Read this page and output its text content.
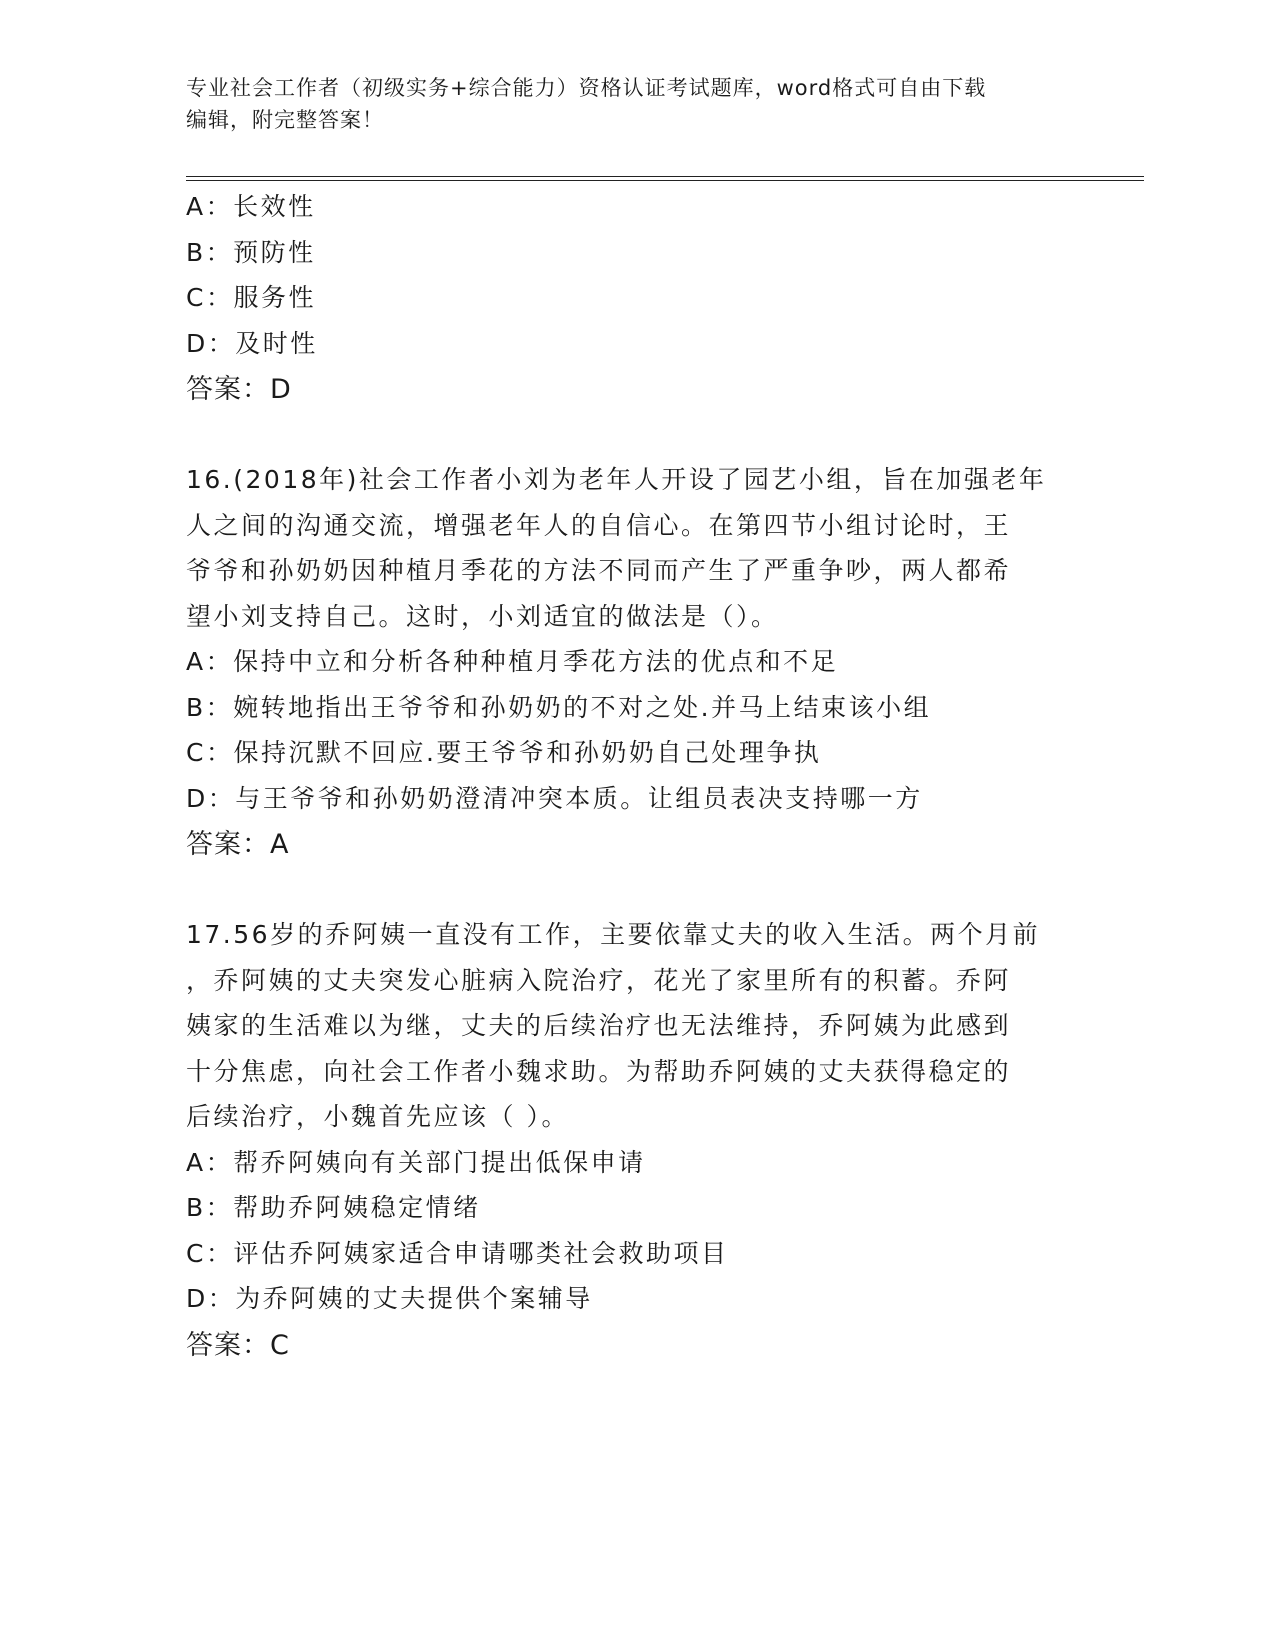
专业社会工作者（初级实务+综合能力）资格认证考试题库，word格式可自由下载
编辑，附完整答案！
A：长效性
B：预防性
C：服务性
D：及时性
答案：D
16.(2018年)社会工作者小刘为老年人开设了园艺小组，旨在加强老年
人之间的沟通交流，增强老年人的自信心。在第四节小组讨论时，王
爷爷和孙奶奶因种植月季花的方法不同而产生了严重争吵，两人都希
望小刘支持自己。这时，小刘适宜的做法是（）。
A：保持中立和分析各种种植月季花方法的优点和不足
B：婉转地指出王爷爷和孙奶奶的不对之处.并马上结束该小组
C：保持沉默不回应.要王爷爷和孙奶奶自己处理争执
D：与王爷爷和孙奶奶澄清冲突本质。让组员表决支持哪一方
答案：A
17.56岁的乔阿姨一直没有工作，主要依靠丈夫的收入生活。两个月前
，乔阿姨的丈夫突发心脏病入院治疗，花光了家里所有的积蓄。乔阿
姨家的生活难以为继，丈夫的后续治疗也无法维持，乔阿姨为此感到
十分焦虑，向社会工作者小魏求助。为帮助乔阿姨的丈夫获得稳定的
后续治疗，小魏首先应该（ ）。
A：帮乔阿姨向有关部门提出低保申请
B：帮助乔阿姨稳定情绪
C：评估乔阿姨家适合申请哪类社会救助项目
D：为乔阿姨的丈夫提供个案辅导
答案：C
